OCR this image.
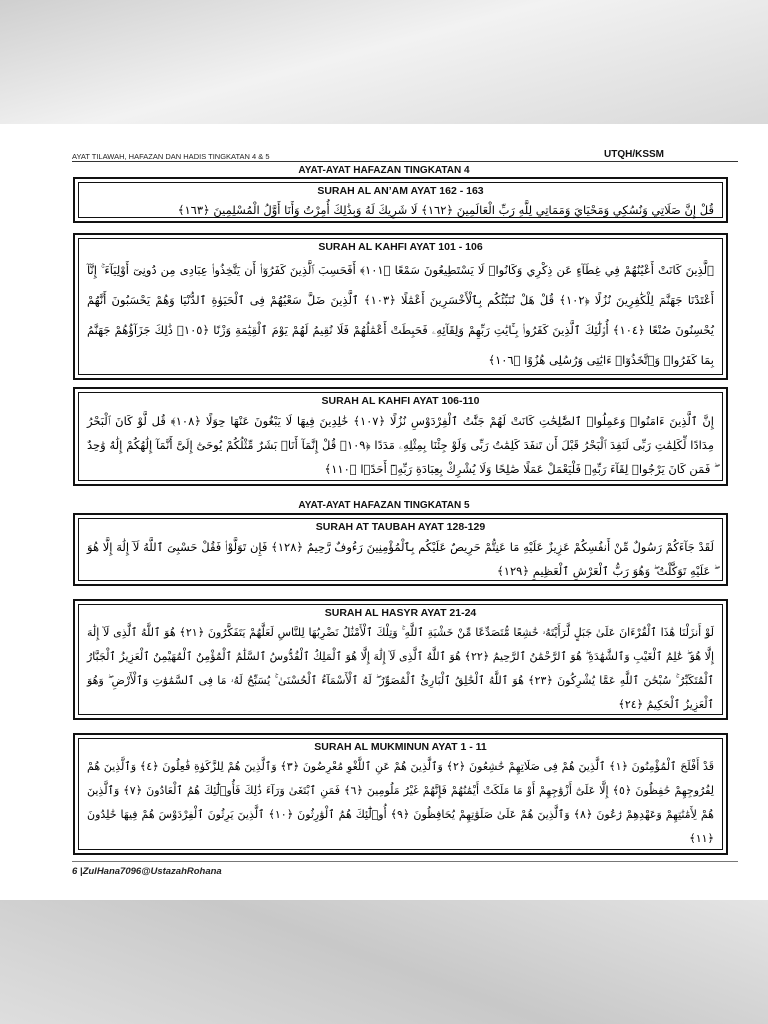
AYAT TILAWAH, HAFAZAN DAN HADIS TINGKATAN 4 & 5	UTQH/KSSM
AYAT-AYAT HAFAZAN TINGKATAN 4
SURAH AL AN’AM AYAT 162 - 163
قُلْ إِنَّ صَلَاتِي وَنُسُكِي وَمَحْيَايَ وَمَمَاتِي لِلَّهِ رَبِّ الْعَالَمِينَ ﴿١٦٢﴾ لَا شَرِيكَ لَهُ وَبِذَٰلِكَ أُمِرْتُ وَأَنَا أَوَّلُ الْمُسْلِمِينَ ﴿١٦٣﴾
SURAH AL KAHFI AYAT 101 - 106
ٱلَّذِينَ كَانَتْ أَعْيُنُهُمْ فِي غِطَآءٍ عَن ذِكْرِي وَكَانُوا۟ لَا يَسْتَطِيعُونَ سَمْعًا ﴿١٠١﴾ أَفَحَسِبَ ٱلَّذِينَ كَفَرُوٓا۟ أَن يَتَّخِذُوا۟ عِبَادِى مِن دُونِىٓ أَوْلِيَآءَ ۚ إِنَّآ أَعْتَدْنَا جَهَنَّمَ لِلْكَٰفِرِينَ نُزُلًا ﴿١٠٢﴾ قُلْ هَلْ نُنَبِّئُكُم بِٱلْأَخْسَرِينَ أَعْمَٰلًا ﴿١٠٣﴾ ٱلَّذِينَ ضَلَّ سَعْيُهُمْ فِى ٱلْحَيَوٰةِ ٱلدُّنْيَا وَهُمْ يَحْسَبُونَ أَنَّهُمْ يُحْسِنُونَ صُنْعًا ﴿١٠٤﴾ أُو۟لَٰٓئِكَ ٱلَّذِينَ كَفَرُوا۟ بِـَٔايَٰتِ رَبِّهِمْ وَلِقَآئِهِۦ فَحَبِطَتْ أَعْمَٰلُهُمْ فَلَا نُقِيمُ لَهُمْ يَوْمَ ٱلْقِيَٰمَةِ وَزْنًا ﴿١٠٥﴾ ذَٰلِكَ جَزَآؤُهُمْ جَهَنَّمُ بِمَا كَفَرُوا۟ وَٱتَّخَذُوٓا۟ ءَايَٰتِى وَرُسُلِى هُزُوًا ﴿١٠٦﴾
SURAH AL KAHFI AYAT 106-110
إِنَّ ٱلَّذِينَ ءَامَنُوا۟ وَعَمِلُوا۟ ٱلصَّٰلِحَٰتِ كَانَتْ لَهُمْ جَنَّٰتُ ٱلْفِرْدَوْسِ نُزُلًا ﴿١٠٧﴾ خَٰلِدِينَ فِيهَا لَا يَبْغُونَ عَنْهَا حِوَلًا ﴿١٠٨﴾ قُل لَّوْ كَانَ ٱلْبَحْرُ مِدَادًا لِّكَلِمَٰتِ رَبِّى لَنَفِدَ ٱلْبَحْرُ قَبْلَ أَن تَنفَدَ كَلِمَٰتُ رَبِّى وَلَوْ جِئْنَا بِمِثْلِهِۦ مَدَدًا ﴿١٠٩﴾ قُلْ إِنَّمَآ أَنَا۠ بَشَرٌ مِّثْلُكُمْ يُوحَىٰٓ إِلَىَّ أَنَّمَآ إِلَٰهُكُمْ إِلَٰهٌ وَٰحِدٌ ۖ فَمَن كَانَ يَرْجُوا۟ لِقَآءَ رَبِّهِۦ فَلْيَعْمَلْ عَمَلًا صَٰلِحًا وَلَا يُشْرِكْ بِعِبَادَةِ رَبِّهِۦٓ أَحَدًۢا ﴿١١٠﴾
AYAT-AYAT HAFAZAN TINGKATAN 5
SURAH AT TAUBAH AYAT 128-129
لَقَدْ جَآءَكُمْ رَسُولٌ مِّنْ أَنفُسِكُمْ عَزِيزٌ عَلَيْهِ مَا عَنِتُّمْ حَرِيصٌ عَلَيْكُم بِٱلْمُؤْمِنِينَ رَءُوفٌ رَّحِيمٌ ﴿١٢٨﴾ فَإِن تَوَلَّوْا۟ فَقُلْ حَسْبِىَ ٱللَّهُ لَآ إِلَٰهَ إِلَّا هُوَ ۖ عَلَيْهِ تَوَكَّلْتُ ۖ وَهُوَ رَبُّ ٱلْعَرْشِ ٱلْعَظِيمِ ﴿١٢٩﴾
SURAH AL HASYR AYAT 21-24
لَوْ أَنزَلْنَا هَٰذَا ٱلْقُرْءَانَ عَلَىٰ جَبَلٍ لَّرَأَيْتَهُۥ خَٰشِعًا مُّتَصَدِّعًا مِّنْ خَشْيَةِ ٱللَّهِ ۚ وَتِلْكَ ٱلْأَمْثَٰلُ نَضْرِبُهَا لِلنَّاسِ لَعَلَّهُمْ يَتَفَكَّرُونَ ﴿٢١﴾ هُوَ ٱللَّهُ ٱلَّذِى لَآ إِلَٰهَ إِلَّا هُوَ ۖ عَٰلِمُ ٱلْغَيْبِ وَٱلشَّهَٰدَةِ ۖ هُوَ ٱلرَّحْمَٰنُ ٱلرَّحِيمُ ﴿٢٢﴾ هُوَ ٱللَّهُ ٱلَّذِى لَآ إِلَٰهَ إِلَّا هُوَ ٱلْمَلِكُ ٱلْقُدُّوسُ ٱلسَّلَٰمُ ٱلْمُؤْمِنُ ٱلْمُهَيْمِنُ ٱلْعَزِيزُ ٱلْجَبَّارُ ٱلْمُتَكَبِّرُ ۚ سُبْحَٰنَ ٱللَّهِ عَمَّا يُشْرِكُونَ ﴿٢٣﴾ هُوَ ٱللَّهُ ٱلْخَٰلِقُ ٱلْبَارِئُ ٱلْمُصَوِّرُ ۖ لَهُ ٱلْأَسْمَآءُ ٱلْحُسْنَىٰ ۚ يُسَبِّحُ لَهُۥ مَا فِى ٱلسَّمَٰوَٰتِ وَٱلْأَرْضِ ۖ وَهُوَ ٱلْعَزِيزُ ٱلْحَكِيمُ ﴿٢٤﴾
SURAH AL MUKMINUN AYAT 1 - 11
قَدْ أَفْلَحَ ٱلْمُؤْمِنُونَ ﴿١﴾ ٱلَّذِينَ هُمْ فِى صَلَاتِهِمْ خَٰشِعُونَ ﴿٢﴾ وَٱلَّذِينَ هُمْ عَنِ ٱللَّغْوِ مُعْرِضُونَ ﴿٣﴾ وَٱلَّذِينَ هُمْ لِلزَّكَوٰةِ فَٰعِلُونَ ﴿٤﴾ وَٱلَّذِينَ هُمْ لِفُرُوجِهِمْ حَٰفِظُونَ ﴿٥﴾ إِلَّا عَلَىٰٓ أَزْوَٰجِهِمْ أَوْ مَا مَلَكَتْ أَيْمَٰنُهُمْ فَإِنَّهُمْ غَيْرُ مَلُومِينَ ﴿٦﴾ فَمَنِ ٱبْتَغَىٰ وَرَآءَ ذَٰلِكَ فَأُو۟لَٰٓئِكَ هُمُ ٱلْعَادُونَ ﴿٧﴾ وَٱلَّذِينَ هُمْ لِأَمَٰنَٰتِهِمْ وَعَهْدِهِمْ رَٰعُونَ ﴿٨﴾ وَٱلَّذِينَ هُمْ عَلَىٰ صَلَوَٰتِهِمْ يُحَافِظُونَ ﴿٩﴾ أُو۟لَٰٓئِكَ هُمُ ٱلْوَٰرِثُونَ ﴿١٠﴾ ٱلَّذِينَ يَرِثُونَ ٱلْفِرْدَوْسَ هُمْ فِيهَا خَٰلِدُونَ ﴿١١﴾
6 |ZulHana7096@UstazahRohana
